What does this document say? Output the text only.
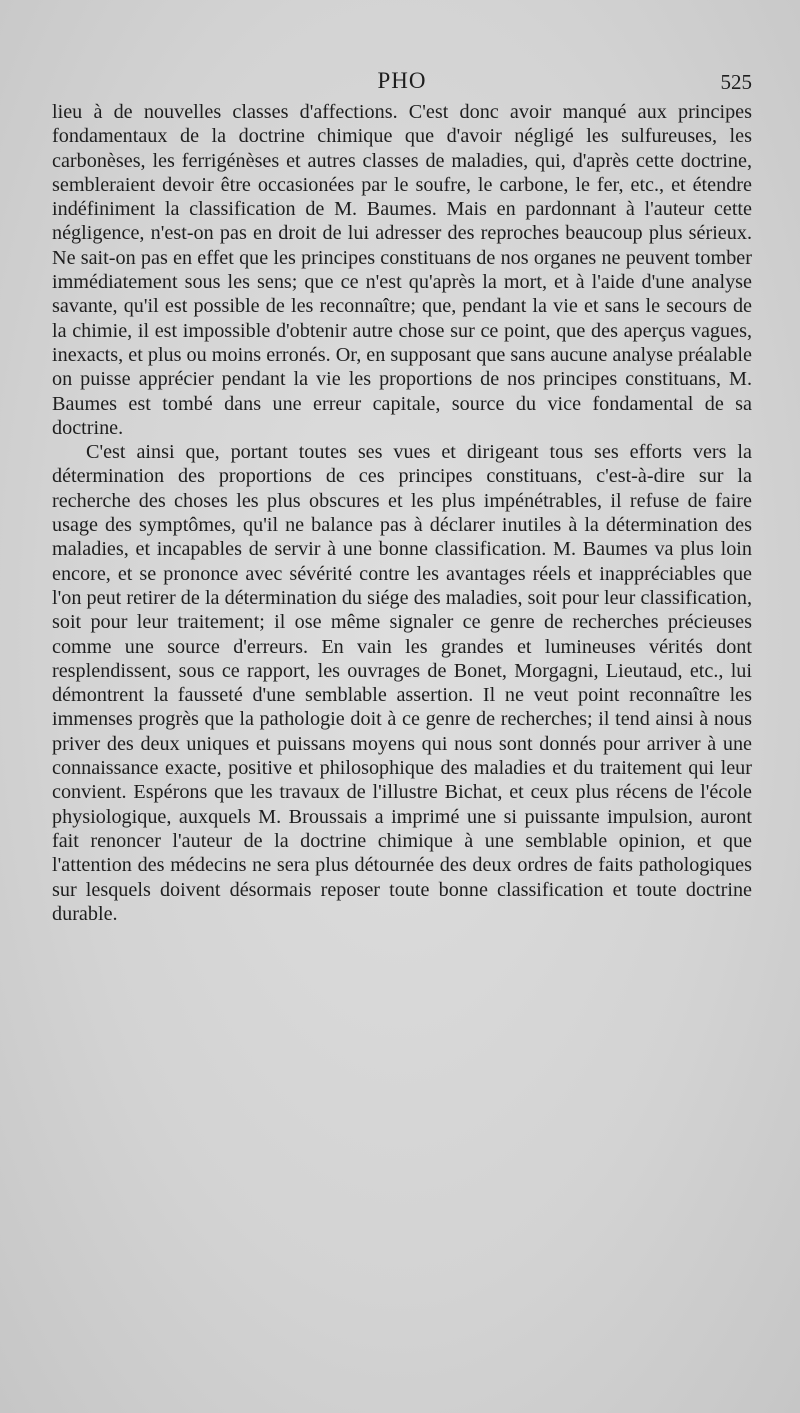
PHO	525

lieu à de nouvelles classes d'affections. C'est donc avoir manqué aux principes fondamentaux de la doctrine chimique que d'avoir négligé les sulfureuses, les carbonèses, les ferrigénèses et autres classes de maladies, qui, d'après cette doctrine, sembleraient devoir être occasionées par le soufre, le carbone, le fer, etc., et étendre indéfiniment la classification de M. Baumes. Mais en pardonnant à l'auteur cette négligence, n'est-on pas en droit de lui adresser des reproches beaucoup plus sérieux. Ne sait-on pas en effet que les principes constituans de nos organes ne peuvent tomber immédiatement sous les sens; que ce n'est qu'après la mort, et à l'aide d'une analyse savante, qu'il est possible de les reconnaître; que, pendant la vie et sans le secours de la chimie, il est impossible d'obtenir autre chose sur ce point, que des aperçus vagues, inexacts, et plus ou moins erronés. Or, en supposant que sans aucune analyse préalable on puisse apprécier pendant la vie les proportions de nos principes constituans, M. Baumes est tombé dans une erreur capitale, source du vice fondamental de sa doctrine.

C'est ainsi que, portant toutes ses vues et dirigeant tous ses efforts vers la détermination des proportions de ces principes constituans, c'est-à-dire sur la recherche des choses les plus obscures et les plus impénétrables, il refuse de faire usage des symptômes, qu'il ne balance pas à déclarer inutiles à la détermination des maladies, et incapables de servir à une bonne classification. M. Baumes va plus loin encore, et se prononce avec sévérité contre les avantages réels et inappréciables que l'on peut retirer de la détermination du siége des maladies, soit pour leur classification, soit pour leur traitement; il ose même signaler ce genre de recherches précieuses comme une source d'erreurs. En vain les grandes et lumineuses vérités dont resplendissent, sous ce rapport, les ouvrages de Bonet, Morgagni, Lieutaud, etc., lui démontrent la fausseté d'une semblable assertion. Il ne veut point reconnaître les immenses progrès que la pathologie doit à ce genre de recherches; il tend ainsi à nous priver des deux uniques et puissans moyens qui nous sont donnés pour arriver à une connaissance exacte, positive et philosophique des maladies et du traitement qui leur convient. Espérons que les travaux de l'illustre Bichat, et ceux plus récens de l'école physiologique, auxquels M. Broussais a imprimé une si puissante impulsion, auront fait renoncer l'auteur de la doctrine chimique à une semblable opinion, et que l'attention des médecins ne sera plus détournée des deux ordres de faits pathologiques sur lesquels doivent désormais reposer toute bonne classification et toute doctrine durable.
